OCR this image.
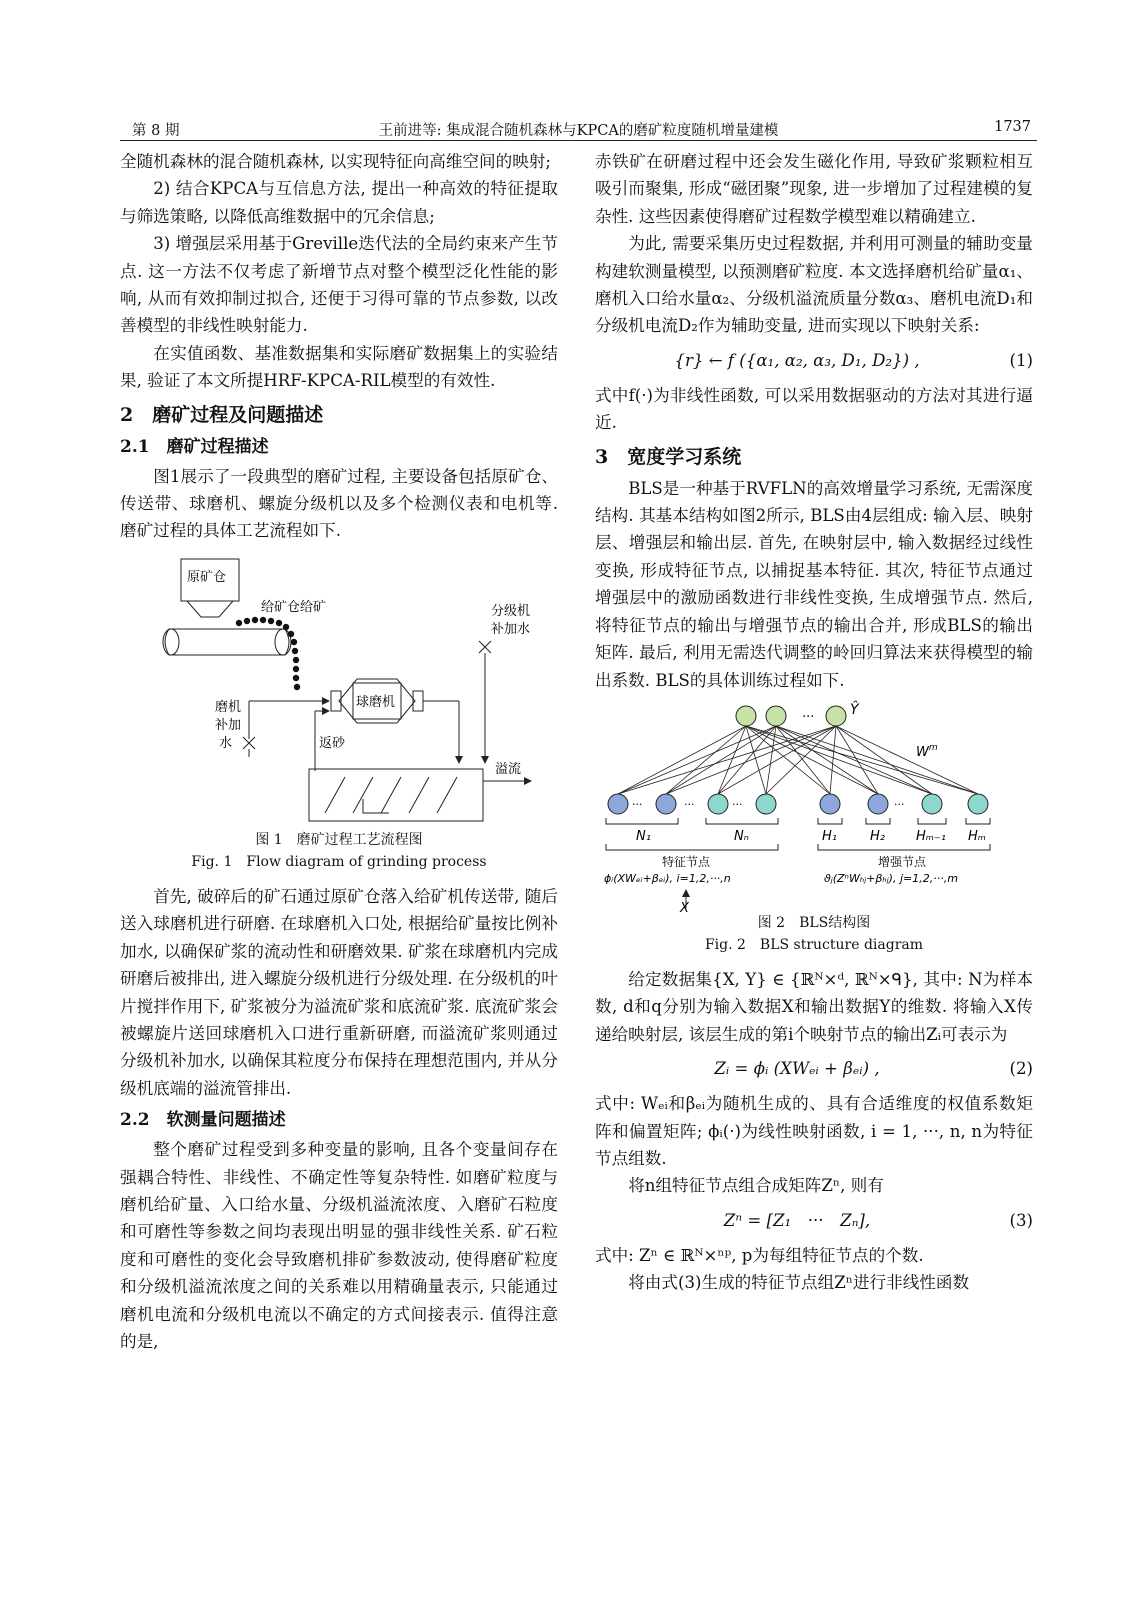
第 8 期	王前进等: 集成混合随机森林与KPCA的磨矿粒度随机增量建模	1737

全随机森林的混合随机森林, 以实现特征向高维空间的映射;

2) 结合KPCA与互信息方法, 提出一种高效的特征提取与筛选策略, 以降低高维数据中的冗余信息;

3) 增强层采用基于Greville迭代法的全局约束来产生节点. 这一方法不仅考虑了新增节点对整个模型泛化性能的影响, 从而有效抑制过拟合, 还便于习得可靠的节点参数, 以改善模型的非线性映射能力.

在实值函数、基准数据集和实际磨矿数据集上的实验结果, 验证了本文所提HRF-KPCA-RIL模型的有效性.

2　磨矿过程及问题描述
2.1　磨矿过程描述

图1展示了一段典型的磨矿过程, 主要设备包括原矿仓、传送带、球磨机、螺旋分级机以及多个检测仪表和电机等. 磨矿过程的具体工艺流程如下.

原矿仓
给矿仓给矿
球磨机
磨机
补加
水	返砂
分级机
补加水
溢流
图 1　磨矿过程工艺流程图
Fig. 1　Flow diagram of grinding process

首先, 破碎后的矿石通过原矿仓落入给矿机传送带, 随后送入球磨机进行研磨. 在球磨机入口处, 根据给矿量按比例补加水, 以确保矿浆的流动性和研磨效果. 矿浆在球磨机内完成研磨后被排出, 进入螺旋分级机进行分级处理. 在分级机的叶片搅拌作用下, 矿浆被分为溢流矿浆和底流矿浆. 底流矿浆会被螺旋片送回球磨机入口进行重新研磨, 而溢流矿浆则通过分级机补加水, 以确保其粒度分布保持在理想范围内, 并从分级机底端的溢流管排出.

2.2　软测量问题描述

整个磨矿过程受到多种变量的影响, 且各个变量间存在强耦合特性、非线性、不确定性等复杂特性. 如磨矿粒度与磨机给矿量、入口给水量、分级机溢流浓度、入磨矿石粒度和可磨性等参数之间均表现出明显的强非线性关系. 矿石粒度和可磨性的变化会导致磨机排矿参数波动, 使得磨矿粒度和分级机溢流浓度之间的关系难以用精确量表示, 只能通过磨机电流和分级机电流以不确定的方式间接表示. 值得注意的是,

赤铁矿在研磨过程中还会发生磁化作用, 导致矿浆颗粒相互吸引而聚集, 形成“磁团聚”现象, 进一步增加了过程建模的复杂性. 这些因素使得磨矿过程数学模型难以精确建立.

为此, 需要采集历史过程数据, 并利用可测量的辅助变量构建软测量模型, 以预测磨矿粒度. 本文选择磨机给矿量α₁、磨机入口给水量α₂、分级机溢流质量分数α₃、磨机电流D₁和分级机电流D₂作为辅助变量, 进而实现以下映射关系:

{r} ← f ({α₁, α₂, α₃, D₁, D₂}) ,	(1)

式中f(·)为非线性函数, 可以采用数据驱动的方法对其进行逼近.

3　宽度学习系统

BLS是一种基于RVFLN的高效增量学习系统, 无需深度结构. 其基本结构如图2所示, BLS由4层组成: 输入层、映射层、增强层和输出层. 首先, 在映射层中, 输入数据经过线性变换, 形成特征节点, 以捕捉基本特征. 其次, 特征节点通过增强层中的激励函数进行非线性变换, 生成增强节点. 然后, 将特征节点的输出与增强节点的输出合并, 形成BLS的输出矩阵. 最后, 利用无需迭代调整的岭回归算法来获得模型的输出系数. BLS的具体训练过程如下.

···	Ŷ
$W^m$
···	···	···	···
N₁	Nₙ	H₁	H₂ Hₘ₋₁ Hₘ
特征节点
ϕᵢ(XWₑᵢ+βₑᵢ), i=1,2,···,n
增强节点
ϑⱼ(ZⁿWₕⱼ+βₕⱼ), j=1,2,···,m
X
图 2　BLS结构图
Fig. 2　BLS structure diagram

给定数据集{X, Y} ∈ {ℝᴺ×ᵈ, ℝᴺ×ᑫ}, 其中: N为样本数, d和q分别为输入数据X和输出数据Y的维数. 将输入X传递给映射层, 该层生成的第i个映射节点的输出Zᵢ可表示为

Zᵢ = ϕᵢ (XWₑᵢ + βₑᵢ) ,	(2)

式中: Wₑᵢ和βₑᵢ为随机生成的、具有合适维度的权值系数矩阵和偏置矩阵; ϕᵢ(·)为线性映射函数, i = 1, ···, n, n为特征节点组数.

将n组特征节点组合成矩阵Zⁿ, 则有

Zⁿ = [Z₁　···　Zₙ],	(3)

式中: Zⁿ ∈ ℝᴺ×ⁿᵖ, p为每组特征节点的个数.

将由式(3)生成的特征节点组Zⁿ进行非线性函数
